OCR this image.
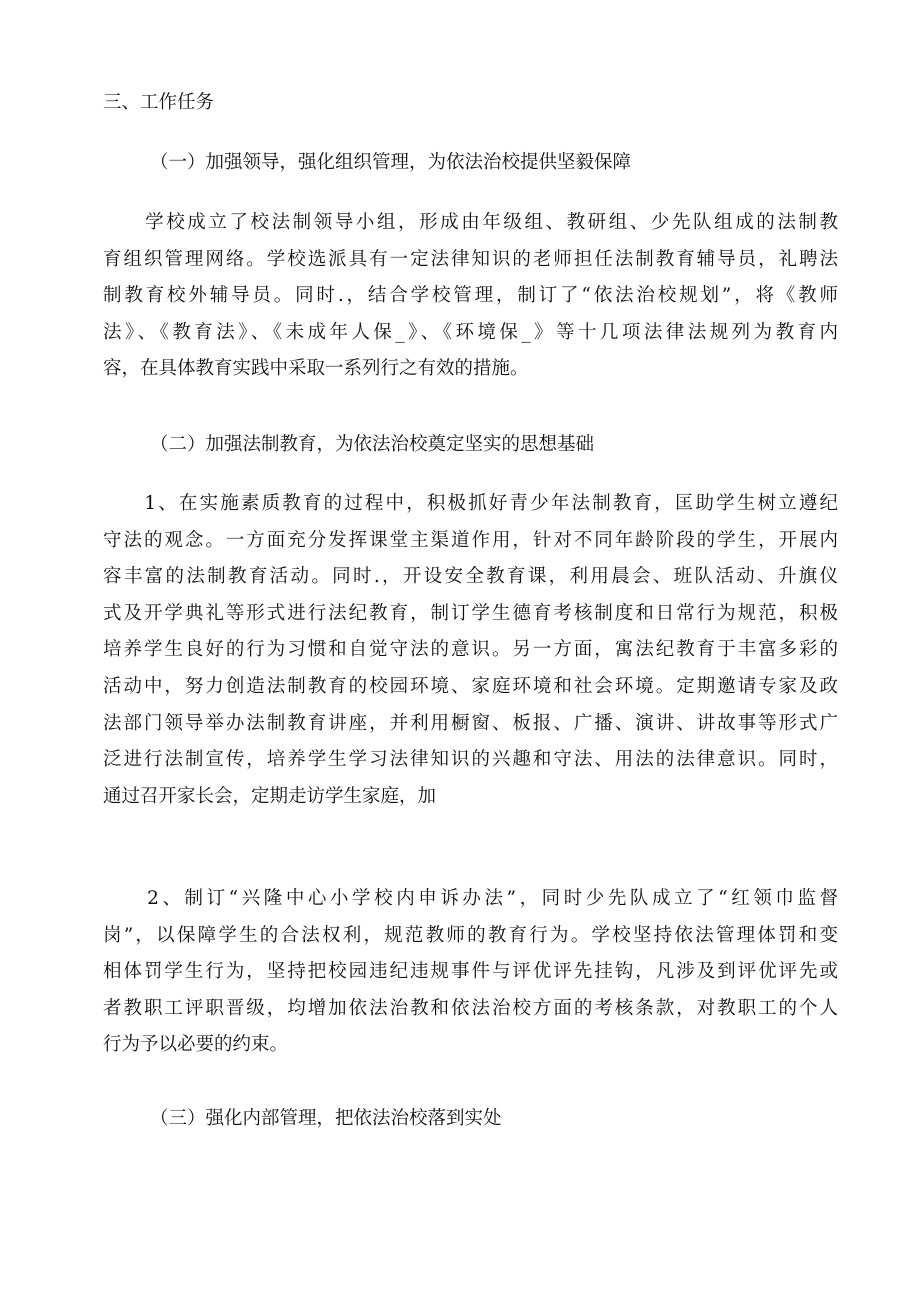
三、工作任务

（一）加强领导，强化组织管理，为依法治校提供坚毅保障

　　学校成立了校法制领导小组，形成由年级组、教研组、少先队组成的法制教
育组织管理网络。学校选派具有一定法律知识的老师担任法制教育辅导员，礼聘法
制教育校外辅导员。同时.，结合学校管理，制订了“依法治校规划”，将《教师
法》、《教育法》、《未成年人保_》、《环境保_》等十几项法律法规列为教育内
容，在具体教育实践中采取一系列行之有效的措施。

（二）加强法制教育，为依法治校奠定坚实的思想基础

　　1、在实施素质教育的过程中，积极抓好青少年法制教育，匡助学生树立遵纪
守法的观念。一方面充分发挥课堂主渠道作用，针对不同年龄阶段的学生，开展内
容丰富的法制教育活动。同时.，开设安全教育课，利用晨会、班队活动、升旗仪
式及开学典礼等形式进行法纪教育，制订学生德育考核制度和日常行为规范，积极
培养学生良好的行为习惯和自觉守法的意识。另一方面，寓法纪教育于丰富多彩的
活动中，努力创造法制教育的校园环境、家庭环境和社会环境。定期邀请专家及政
法部门领导举办法制教育讲座，并利用橱窗、板报、广播、演讲、讲故事等形式广
泛进行法制宣传，培养学生学习法律知识的兴趣和守法、用法的法律意识。同时，
通过召开家长会，定期走访学生家庭，加
　　2、制订“兴隆中心小学校内申诉办法”，同时少先队成立了“红领巾监督
岗”，以保障学生的合法权利，规范教师的教育行为。学校坚持依法管理体罚和变
相体罚学生行为，坚持把校园违纪违规事件与评优评先挂钩，凡涉及到评优评先或
者教职工评职晋级，均增加依法治教和依法治校方面的考核条款，对教职工的个人
行为予以必要的约束。

（三）强化内部管理，把依法治校落到实处
